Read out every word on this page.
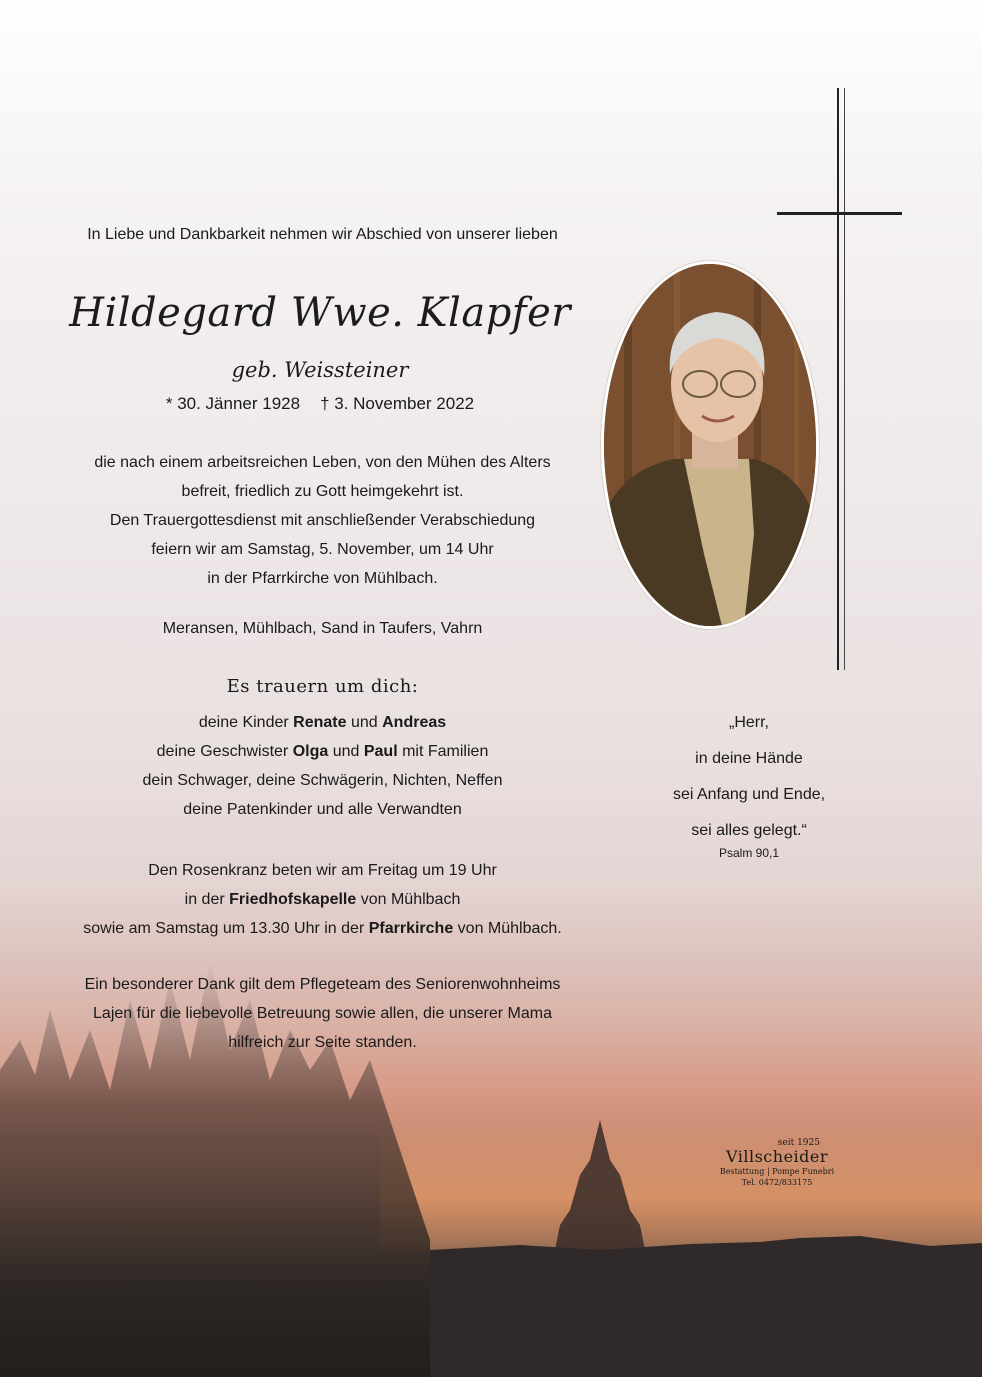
In Liebe und Dankbarkeit nehmen wir Abschied von unserer lieben
Hildegard Wwe. Klapfer
geb. Weissteiner
* 30. Jänner 1928 † 3. November 2022
die nach einem arbeitsreichen Leben, von den Mühen des Alters
befreit, friedlich zu Gott heimgekehrt ist.
Den Trauergottesdienst mit anschließender Verabschiedung
feiern wir am Samstag, 5. November, um 14 Uhr
in der Pfarrkirche von Mühlbach.
Meransen, Mühlbach, Sand in Taufers, Vahrn
Es trauern um dich:
deine Kinder Renate und Andreas
deine Geschwister Olga und Paul mit Familien
dein Schwager, deine Schwägerin, Nichten, Neffen
deine Patenkinder und alle Verwandten
Den Rosenkranz beten wir am Freitag um 19 Uhr
in der Friedhofskapelle von Mühlbach
sowie am Samstag um 13.30 Uhr in der Pfarrkirche von Mühlbach.
Ein besonderer Dank gilt dem Pflegeteam des Seniorenwohnheims
Lajen für die liebevolle Betreuung sowie allen, die unserer Mama
hilfreich zur Seite standen.
„Herr,
in deine Hände
sei Anfang und Ende,
sei alles gelegt.“
Psalm 90,1
seit 1925
Villscheider
Bestattung | Pompe Funebri
Tel. 0472/833175
